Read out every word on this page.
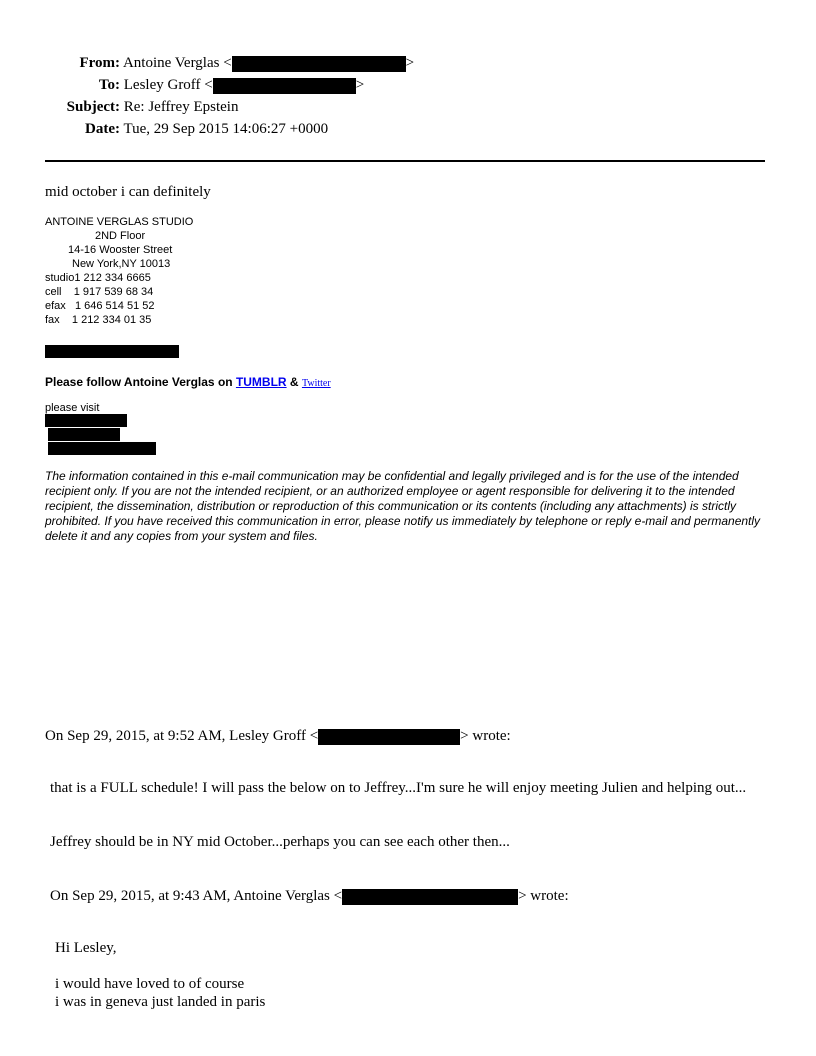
From: Antoine Verglas <	>
To: Lesley Groff <	>
Subject: Re: Jeffrey Epstein
Date: Tue, 29 Sep 2015 14:06:27 +0000
mid october i can definitely
ANTOINE VERGLAS STUDIO
2ND Floor
14-16 Wooster Street
New York,NY 10013
studio1 212 334 6665
cell    1 917 539 68 34
efax   1 646 514 51 52
fax    1 212 334 01 35
Please follow Antoine Verglas on TUMBLR & Twitter
please visit
The information contained in this e-mail communication may be confidential and legally privileged and is for the use of the intended recipient only. If you are not the intended recipient, or an authorized employee or agent responsible for delivering it to the intended recipient, the dissemination, distribution or reproduction of this communication or its contents (including any attachments) is strictly prohibited. If you have received this communication in error, please notify us immediately by telephone or reply e-mail and permanently delete it and any copies from your system and files.
On Sep 29, 2015, at 9:52 AM, Lesley Groff <	> wrote:
that is a FULL schedule! I will pass the below on to Jeffrey...I'm sure he will enjoy meeting Julien and helping out...
Jeffrey should be in NY mid October...perhaps you can see each other then...
On Sep 29, 2015, at 9:43 AM, Antoine Verglas <	> wrote:
Hi Lesley,
i would have loved to of course
i was in geneva just landed in paris
